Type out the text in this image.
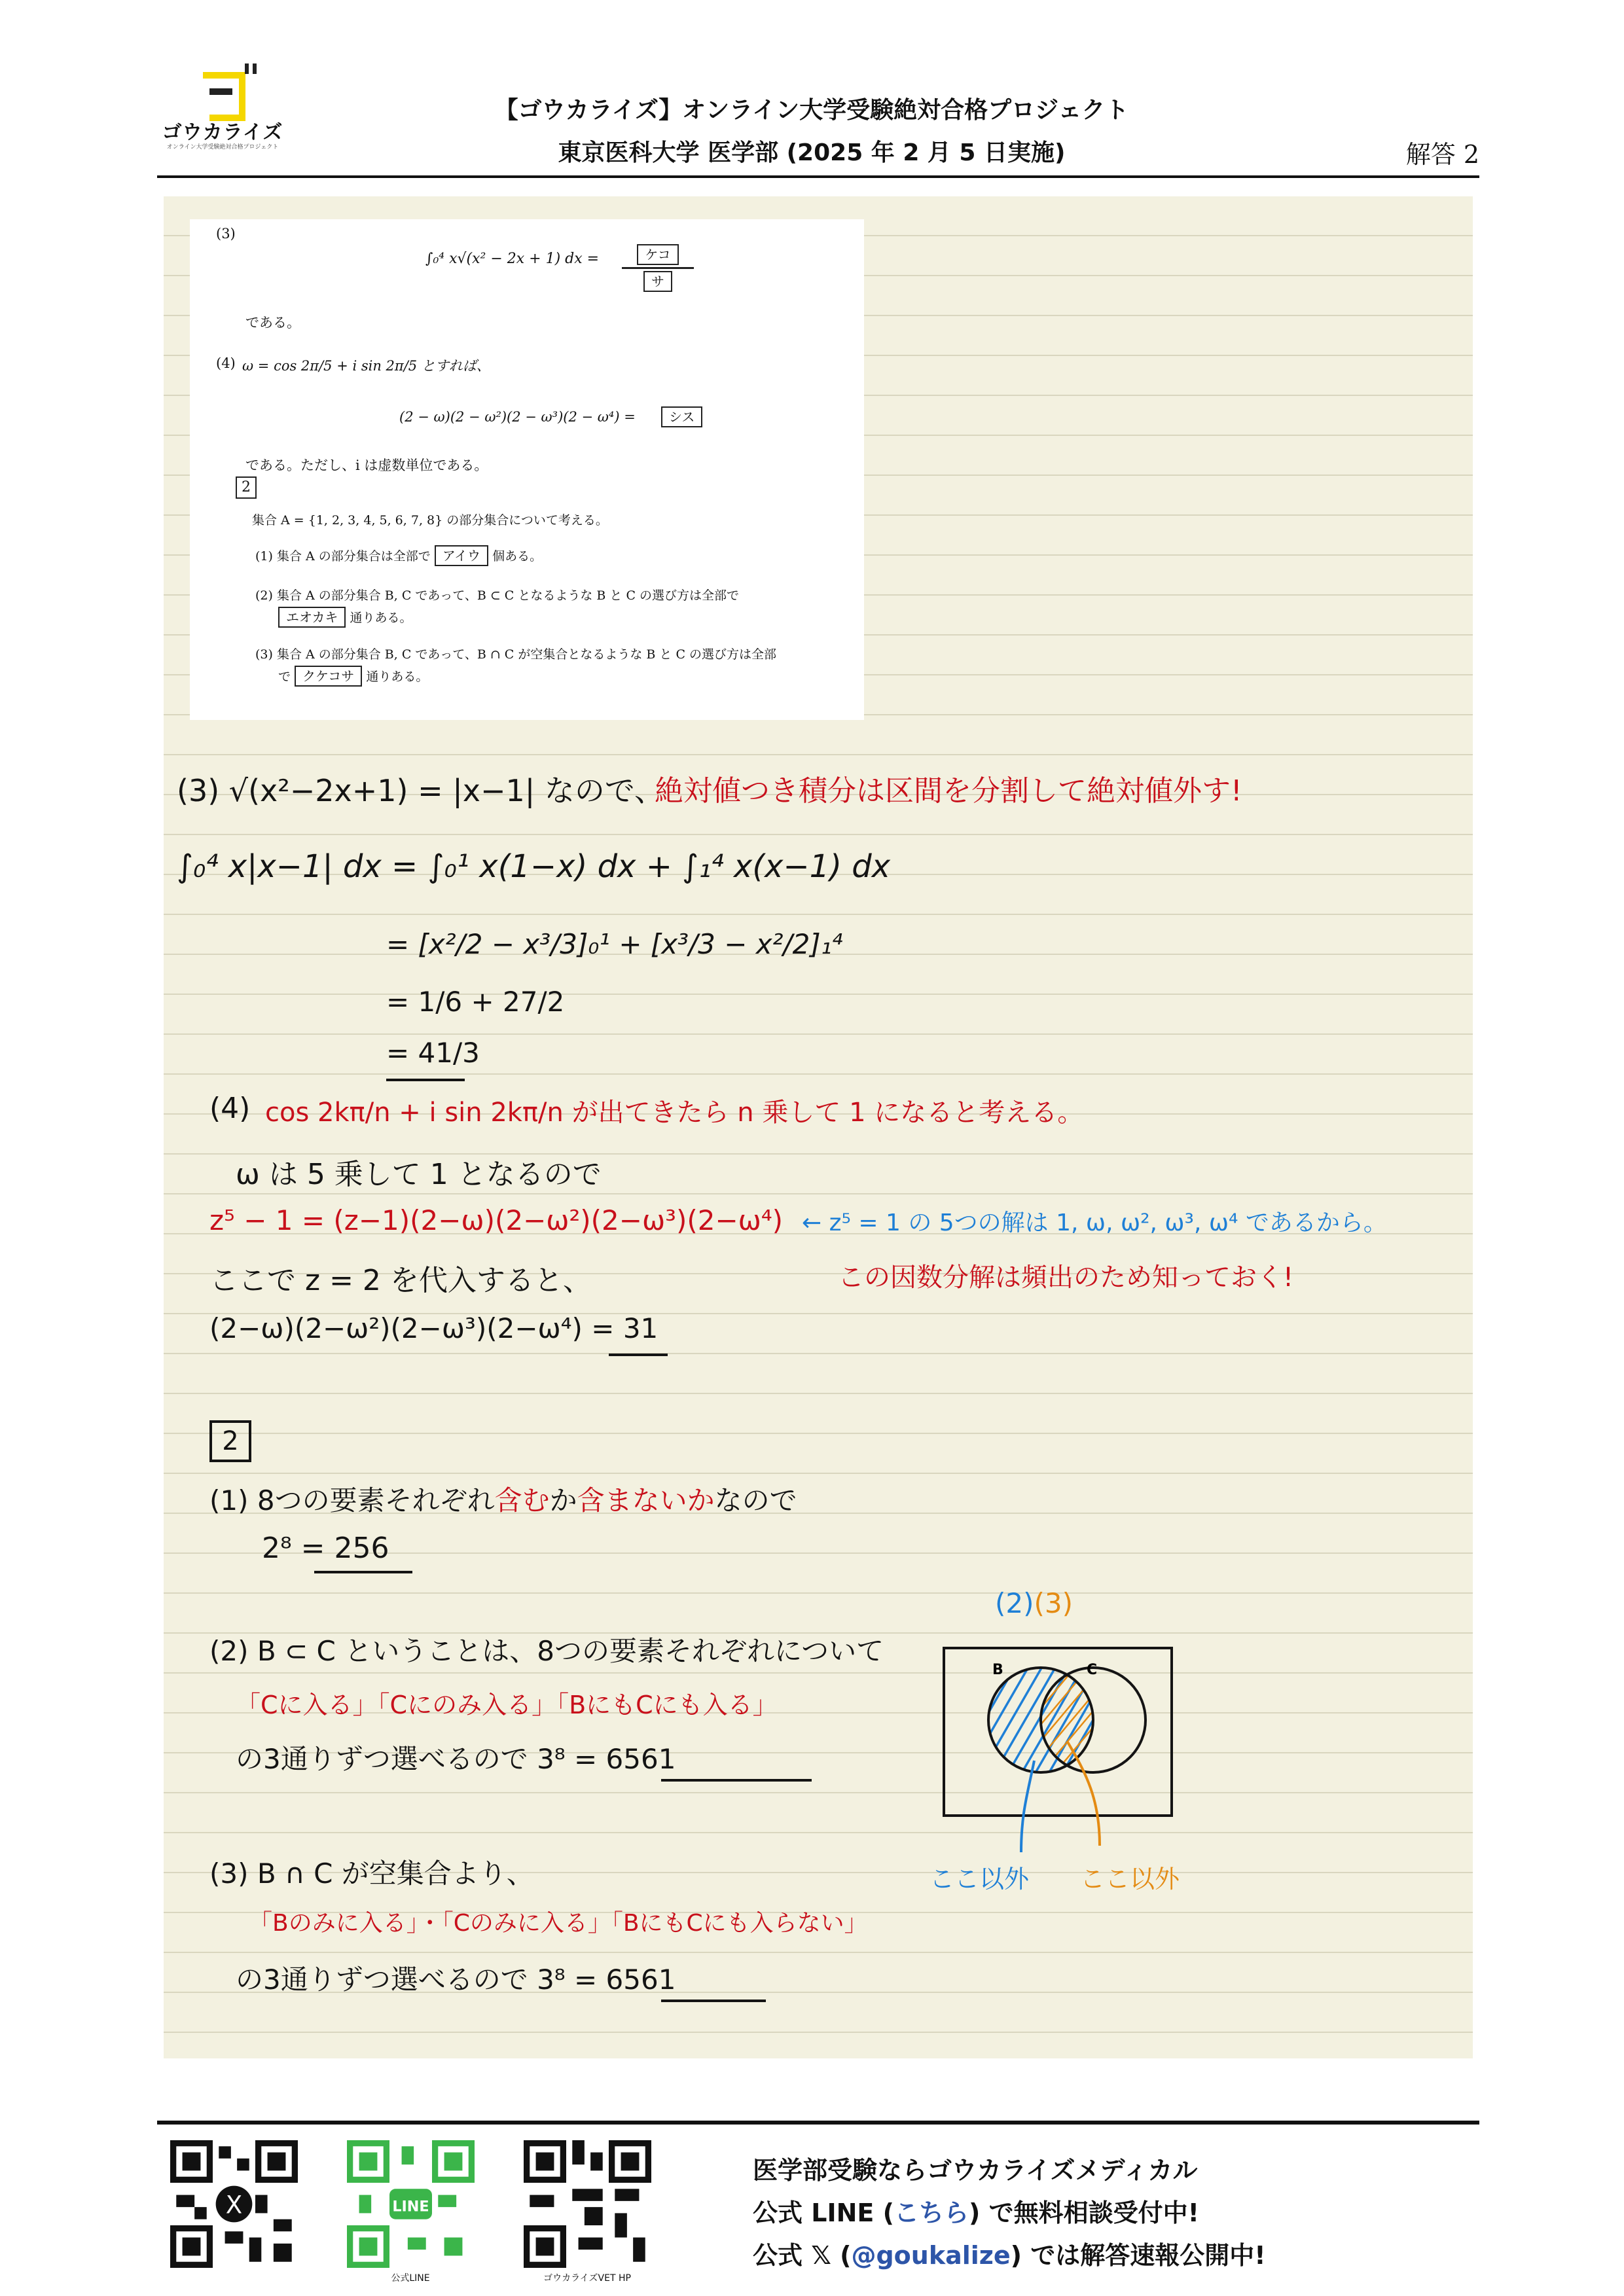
ゴウカライズ
オンライン大学受験絶対合格プロジェクト
【ゴウカライズ】オンライン大学受験絶対合格プロジェクト
東京医科大学 医学部 (2025 年 2 月 5 日実施)	解答 2
(3)
∫₀⁴ x√(x² − 2x + 1) dx =	ケコ
サ
である。
(4) ω = cos 2π/5 + i sin 2π/5 とすれば、
(2 − ω)(2 − ω²)(2 − ω³)(2 − ω⁴) =	シス
である。ただし、i は虚数単位である。
2
集合 A = {1, 2, 3, 4, 5, 6, 7, 8} の部分集合について考える。
(1) 集合 A の部分集合は全部で アイウ 個ある。
(2) 集合 A の部分集合 B, C であって、B ⊂ C となるような B と C の選び方は全部で
エオカキ 通りある。
(3) 集合 A の部分集合 B, C であって、B ∩ C が空集合となるような B と C の選び方は全部
で クケコサ 通りある。
(3) √(x²−2x+1) = |x−1| なので、
絶対値つき積分は区間を分割して絶対値外す!
∫₀⁴ x|x−1| dx = ∫₀¹ x(1−x) dx + ∫₁⁴ x(x−1) dx
= [x²/2 − x³/3]₀¹ + [x³/3 − x²/2]₁⁴
= 1/6 + 27/2
= 41/3
(4) cos 2kπ/n + i sin 2kπ/n が出てきたら n 乗して 1 になると考える。
ω は 5 乗して 1 となるので
z⁵ − 1 = (z−1)(2−ω)(2−ω²)(2−ω³)(2−ω⁴) ← z⁵ = 1 の 5つの解は 1, ω, ω², ω³, ω⁴ であるから。
ここで z = 2 を代入すると、	この因数分解は頻出のため知っておく!
(2−ω)(2−ω²)(2−ω³)(2−ω⁴) = 31
2
(1) 8つの要素それぞれ含むか含まないかなので
2⁸ = 256
(2) B ⊂ C ということは、8つの要素それぞれについて
「Cに入る」「Cにのみ入る」「BにもCにも入る」
の3通りずつ選べるので 3⁸ = 6561
(3) B ∩ C が空集合より、
「Bのみに入る」・「Cのみに入る」「BにもCにも入らない」
の3通りずつ選べるので 3⁸ = 6561
(2)(3)
B	C
ここ以外 ここ以外
X	LINE
公式LINE	ゴウカライズVET HP
医学部受験ならゴウカライズメディカル
公式 LINE (こちら) で無料相談受付中!
公式 𝕏 (@goukalize) では解答速報公開中!
